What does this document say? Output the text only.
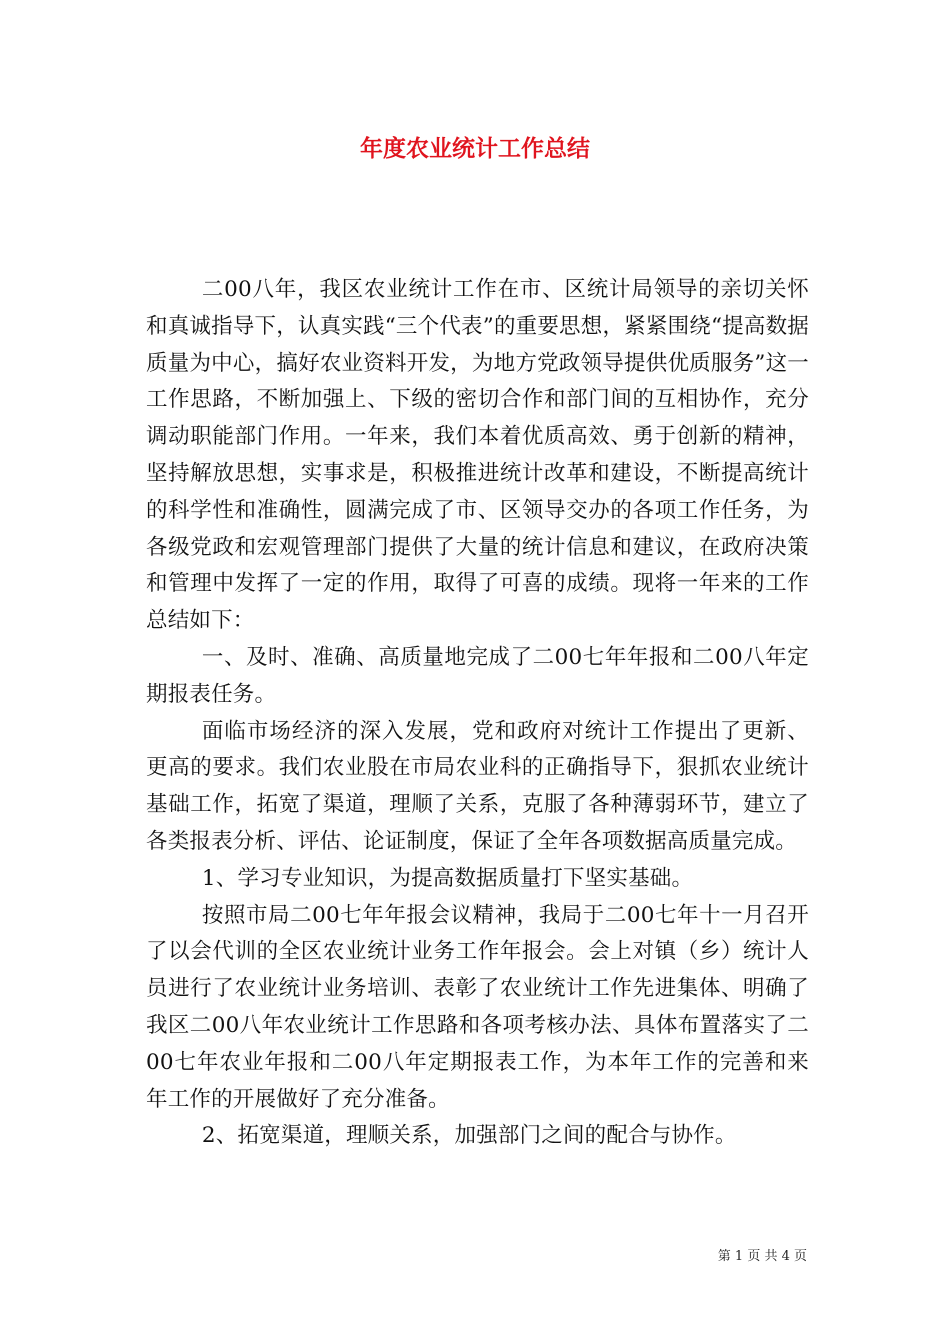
年度农业统计工作总结

二00八年，我区农业统计工作在市、区统计局领导的亲切关怀和真诚指导下，认真实践“三个代表”的重要思想，紧紧围绕“提高数据质量为中心，搞好农业资料开发，为地方党政领导提供优质服务”这一工作思路，不断加强上、下级的密切合作和部门间的互相协作，充分调动职能部门作用。一年来，我们本着优质高效、勇于创新的精神，坚持解放思想，实事求是，积极推进统计改革和建设，不断提高统计的科学性和准确性，圆满完成了市、区领导交办的各项工作任务，为各级党政和宏观管理部门提供了大量的统计信息和建议，在政府决策和管理中发挥了一定的作用，取得了可喜的成绩。现将一年来的工作总结如下：

一、及时、准确、高质量地完成了二00七年年报和二00八年定期报表任务。

面临市场经济的深入发展，党和政府对统计工作提出了更新、更高的要求。我们农业股在市局农业科的正确指导下，狠抓农业统计基础工作，拓宽了渠道，理顺了关系，克服了各种薄弱环节，建立了各类报表分析、评估、论证制度，保证了全年各项数据高质量完成。

1、学习专业知识，为提高数据质量打下坚实基础。

按照市局二00七年年报会议精神，我局于二00七年十一月召开了以会代训的全区农业统计业务工作年报会。会上对镇（乡）统计人员进行了农业统计业务培训、表彰了农业统计工作先进集体、明确了我区二00八年农业统计工作思路和各项考核办法、具体布置落实了二00七年农业年报和二00八年定期报表工作，为本年工作的完善和来年工作的开展做好了充分准备。

2、拓宽渠道，理顺关系，加强部门之间的配合与协作。

第 1 页 共 4 页
